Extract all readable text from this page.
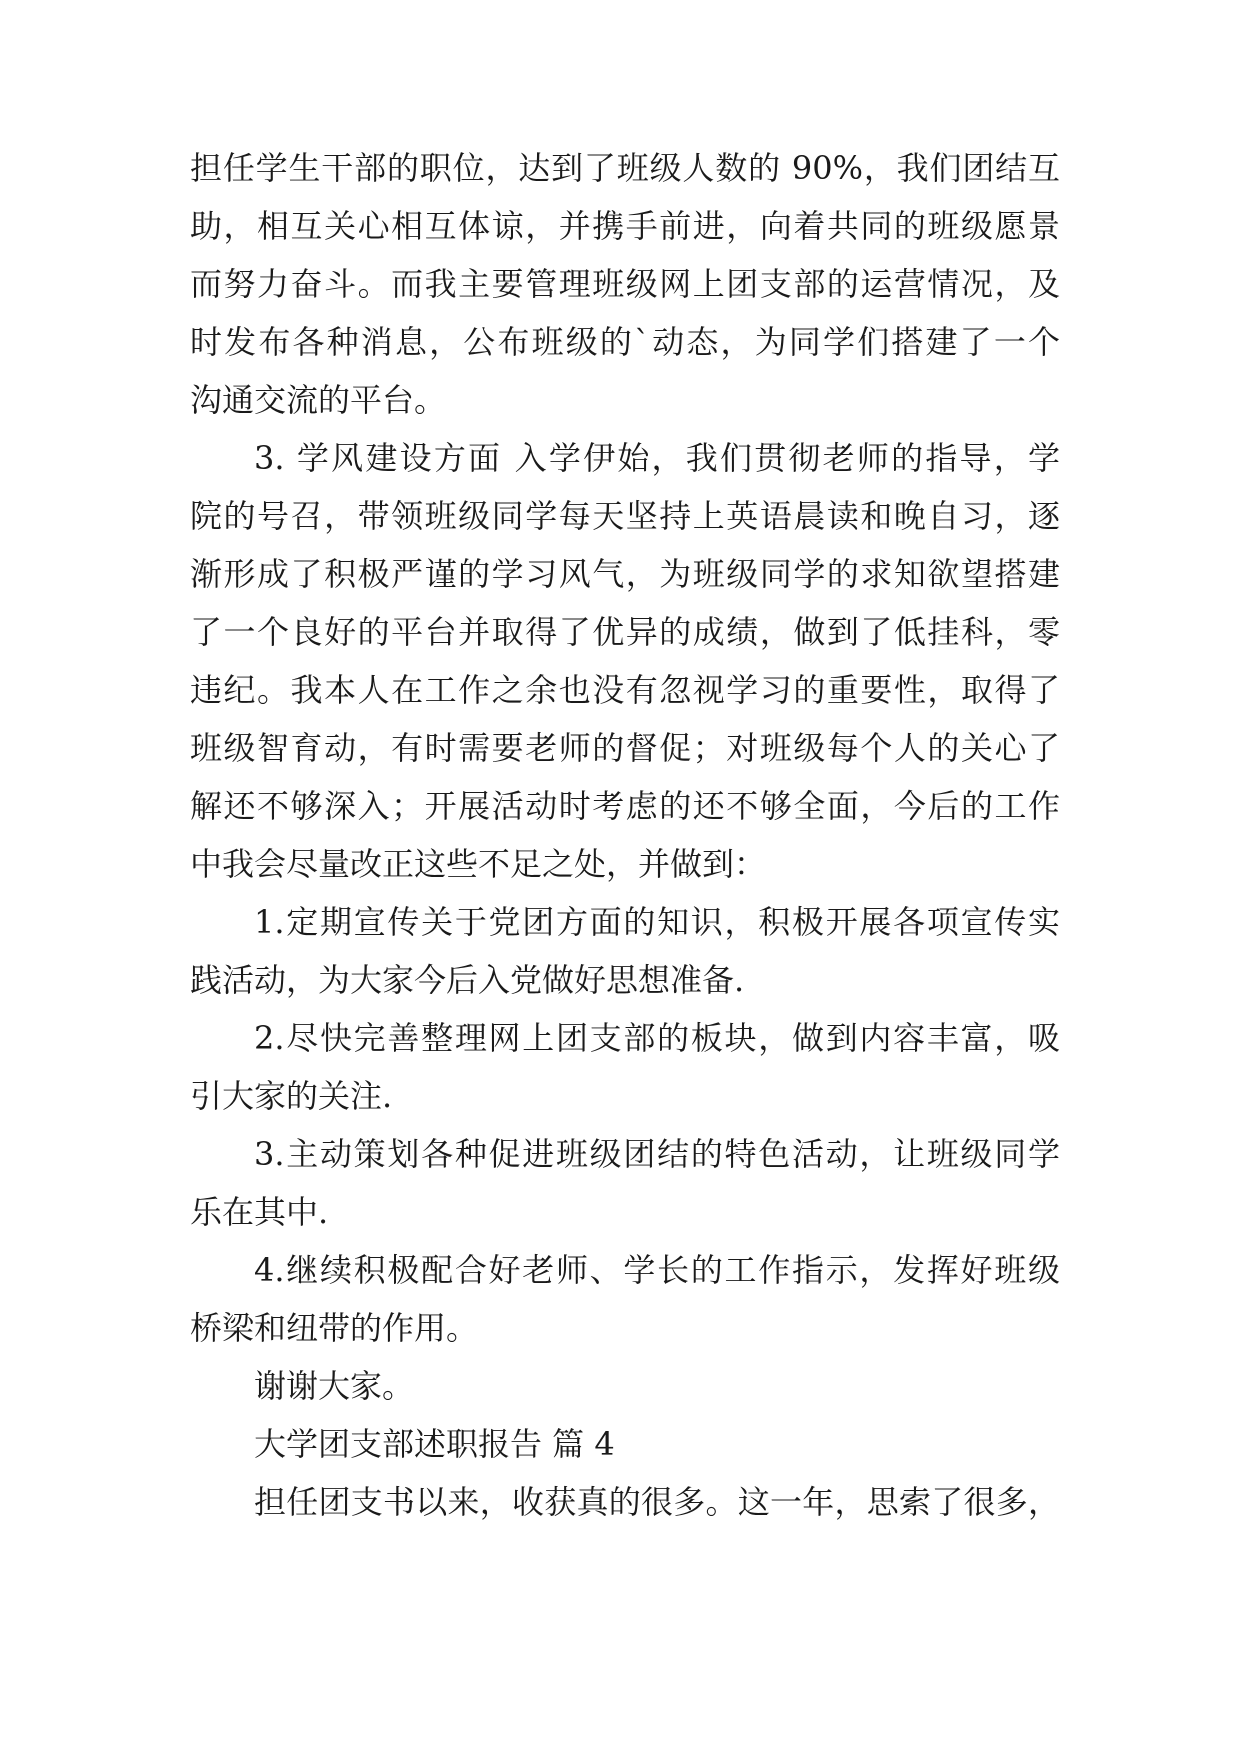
担任学生干部的职位，达到了班级人数的 90%，我们团结互
助，相互关心相互体谅，并携手前进，向着共同的班级愿景
而努力奋斗。而我主要管理班级网上团支部的运营情况，及
时发布各种消息，公布班级的`动态，为同学们搭建了一个
沟通交流的平台。
3. 学风建设方面 入学伊始，我们贯彻老师的指导，学
院的号召，带领班级同学每天坚持上英语晨读和晚自习，逐
渐形成了积极严谨的学习风气，为班级同学的求知欲望搭建
了一个良好的平台并取得了优异的成绩，做到了低挂科，零
违纪。我本人在工作之余也没有忽视学习的重要性，取得了
班级智育动，有时需要老师的督促；对班级每个人的关心了
解还不够深入；开展活动时考虑的还不够全面，今后的工作
中我会尽量改正这些不足之处，并做到：
1.定期宣传关于党团方面的知识，积极开展各项宣传实
践活动，为大家今后入党做好思想准备.
2.尽快完善整理网上团支部的板块，做到内容丰富，吸
引大家的关注.
3.主动策划各种促进班级团结的特色活动，让班级同学
乐在其中.
4.继续积极配合好老师、学长的工作指示，发挥好班级
桥梁和纽带的作用。
谢谢大家。
大学团支部述职报告 篇 4
担任团支书以来，收获真的很多。这一年，思索了很多，
